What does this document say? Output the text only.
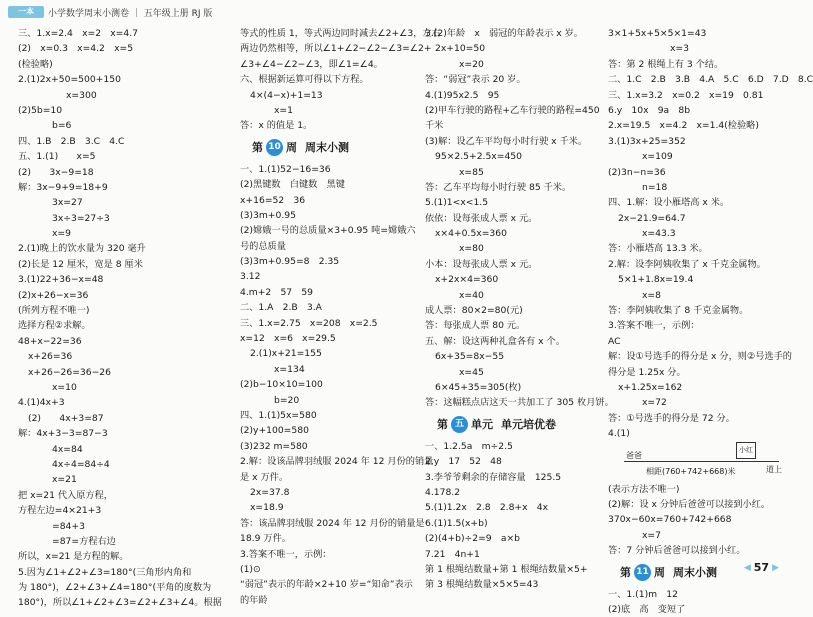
一本	小学数学周末小测卷 ｜ 五年级上册 RJ 版
三、1.x=2.4　x=2　x=4.7
(2)　x=0.3　x=4.2　x=5
(检验略)
2.(1)2x+50=500+150
x=300
(2)5b=10
b=6
四、1.B　2.B　3.C　4.C
五、1.(1)　　x=5
(2)　　3x−9=18
解：3x−9+9=18+9
3x=27
3x÷3=27÷3
x=9
2.(1)晚上的饮水量为 320 毫升
(2)长是 12 厘米，宽是 8 厘米
3.(1)22+36−x=48
(2)x+26−x=36
(所列方程不唯一)
选择方程②求解。
48+x−22=36
x+26=36
x+26−26=36−26
x=10
4.(1)4x+3
(2)　　4x+3=87
解：4x+3−3=87−3
4x=84
4x÷4=84÷4
x=21
把 x=21 代入原方程，
方程左边=4×21+3
=84+3
=87=方程右边
所以，x=21 是方程的解。
5.因为∠1+∠2+∠3=180°(三角形内角和
为 180°)，∠2+∠3+∠4=180°(平角的度数为
180°)，所以∠1+∠2+∠3=∠2+∠3+∠4。根据
等式的性质 1，等式两边同时减去∠2+∠3，左右
两边仍然相等，所以∠1+∠2−∠2−∠3=∠2+
∠3+∠4−∠2−∠3，即∠1=∠4。
六、根据新运算可得以下方程。
4×(4−x)+1=13
x=1
答：x 的值是 1。
第 10 周 周末小测
一、1.(1)52−16=36
(2)黑键数　白键数　黑键
x+16=52　36
(3)3m+0.95
(2)嫦娥一号的总质量×3+0.95 吨=嫦娥六
号的总质量
(3)3m+0.95=8　2.35
3.12
4.m+2　57　59
二、1.A　2.B　3.A
三、1.x=2.75　x=208　x=2.5
x=12　x=6　x=29.5
2.(1)x+21=155
x=134
(2)b−10×10=100
b=20
四、1.(1)5x=580
(2)y+100=580
(3)232 m=580
2.解：设该品牌羽绒服 2024 年 12 月份的销量
是 x 万件。
2x=37.8
x=18.9
答：该品牌羽绒服 2024 年 12 月份的销量是
18.9 万件。
3.答案不唯一，示例：
(1)⊙
“弱冠”表示的年龄×2+10 岁=“知命”表示
的年龄
3.(2)年龄　x　弱冠的年龄表示 x 岁。
2x+10=50
x=20
答：“弱冠”表示 20 岁。
4.(1)95x2.5　95
(2)甲车行驶的路程+乙车行驶的路程=450
千米
(3)解：设乙车平均每小时行驶 x 千米。
95×2.5+2.5x=450
x=85
答：乙车平均每小时行驶 85 千米。
5.(1)1<x<1.5
依依：设每张成人票 x 元。
x×4+0.5x=360
x=80
小本：设每张成人票 x 元。
x+2x×4=360
x=40
成人票：80×2=80(元)
答：每张成人票 80 元。
五、解：设这两种礼盒各有 x 个。
6x+35=8x−55
x=45
6×45+35=305(枚)
答：这幅糕点店这天一共加工了 305 枚月饼。
第 五 单元 单元培优卷
一、1.2.5a　m÷2.5
2.y　17　52　48
3.李爷爷剩余的存储容量　125.5
4.178.2
5.(1)1.2x　2.8　2.8+x　4x
6.(1)1.5(x+b)
(2)(4+b)÷2=9　a×b
7.21　4n+1
第 1 根绳结数量+第 1 根绳结数量×5+
第 3 根绳结数量×5×5=43
3×1+5x+5×5×1=43
x=3
答：第 2 根绳上有 3 个结。
二、1.C　2.B　3.B　4.A　5.C　6.D　7.D　8.C
三、1.x=3.2　x=0.2　x=19　0.81
6.y　10x　9a　8b
2.x=19.5　x=4.2　x=1.4(检验略)
3.(1)3x+25=352
x=109
(2)3n−n=36
n=18
四、1.解：设小雁塔高 x 米。
2x−21.9=64.7
x=43.3
答：小雁塔高 13.3 米。
2.解：设李阿姨收集了 x 千克金属物。
5×1+1.8x=19.4
x=8
答：李阿姨收集了 8 千克金属物。
3.答案不唯一，示例：
AC
解：设①号选手的得分是 x 分，则②号选手的
得分是 1.25x 分。
x+1.25x=162
x=72
答：①号选手的得分是 72 分。
4.(1)
爸爸
小红
道上
相距(760+742+668)米
(表示方法不唯一)
(2)解：设 x 分钟后爸爸可以接到小红。
370x−60x=760+742+668
x=7
答：7 分钟后爸爸可以接到小红。
第 11 周 周末小测
一、1.(1)m　12
(2)底　高　变短了
◀ 57 ▶
